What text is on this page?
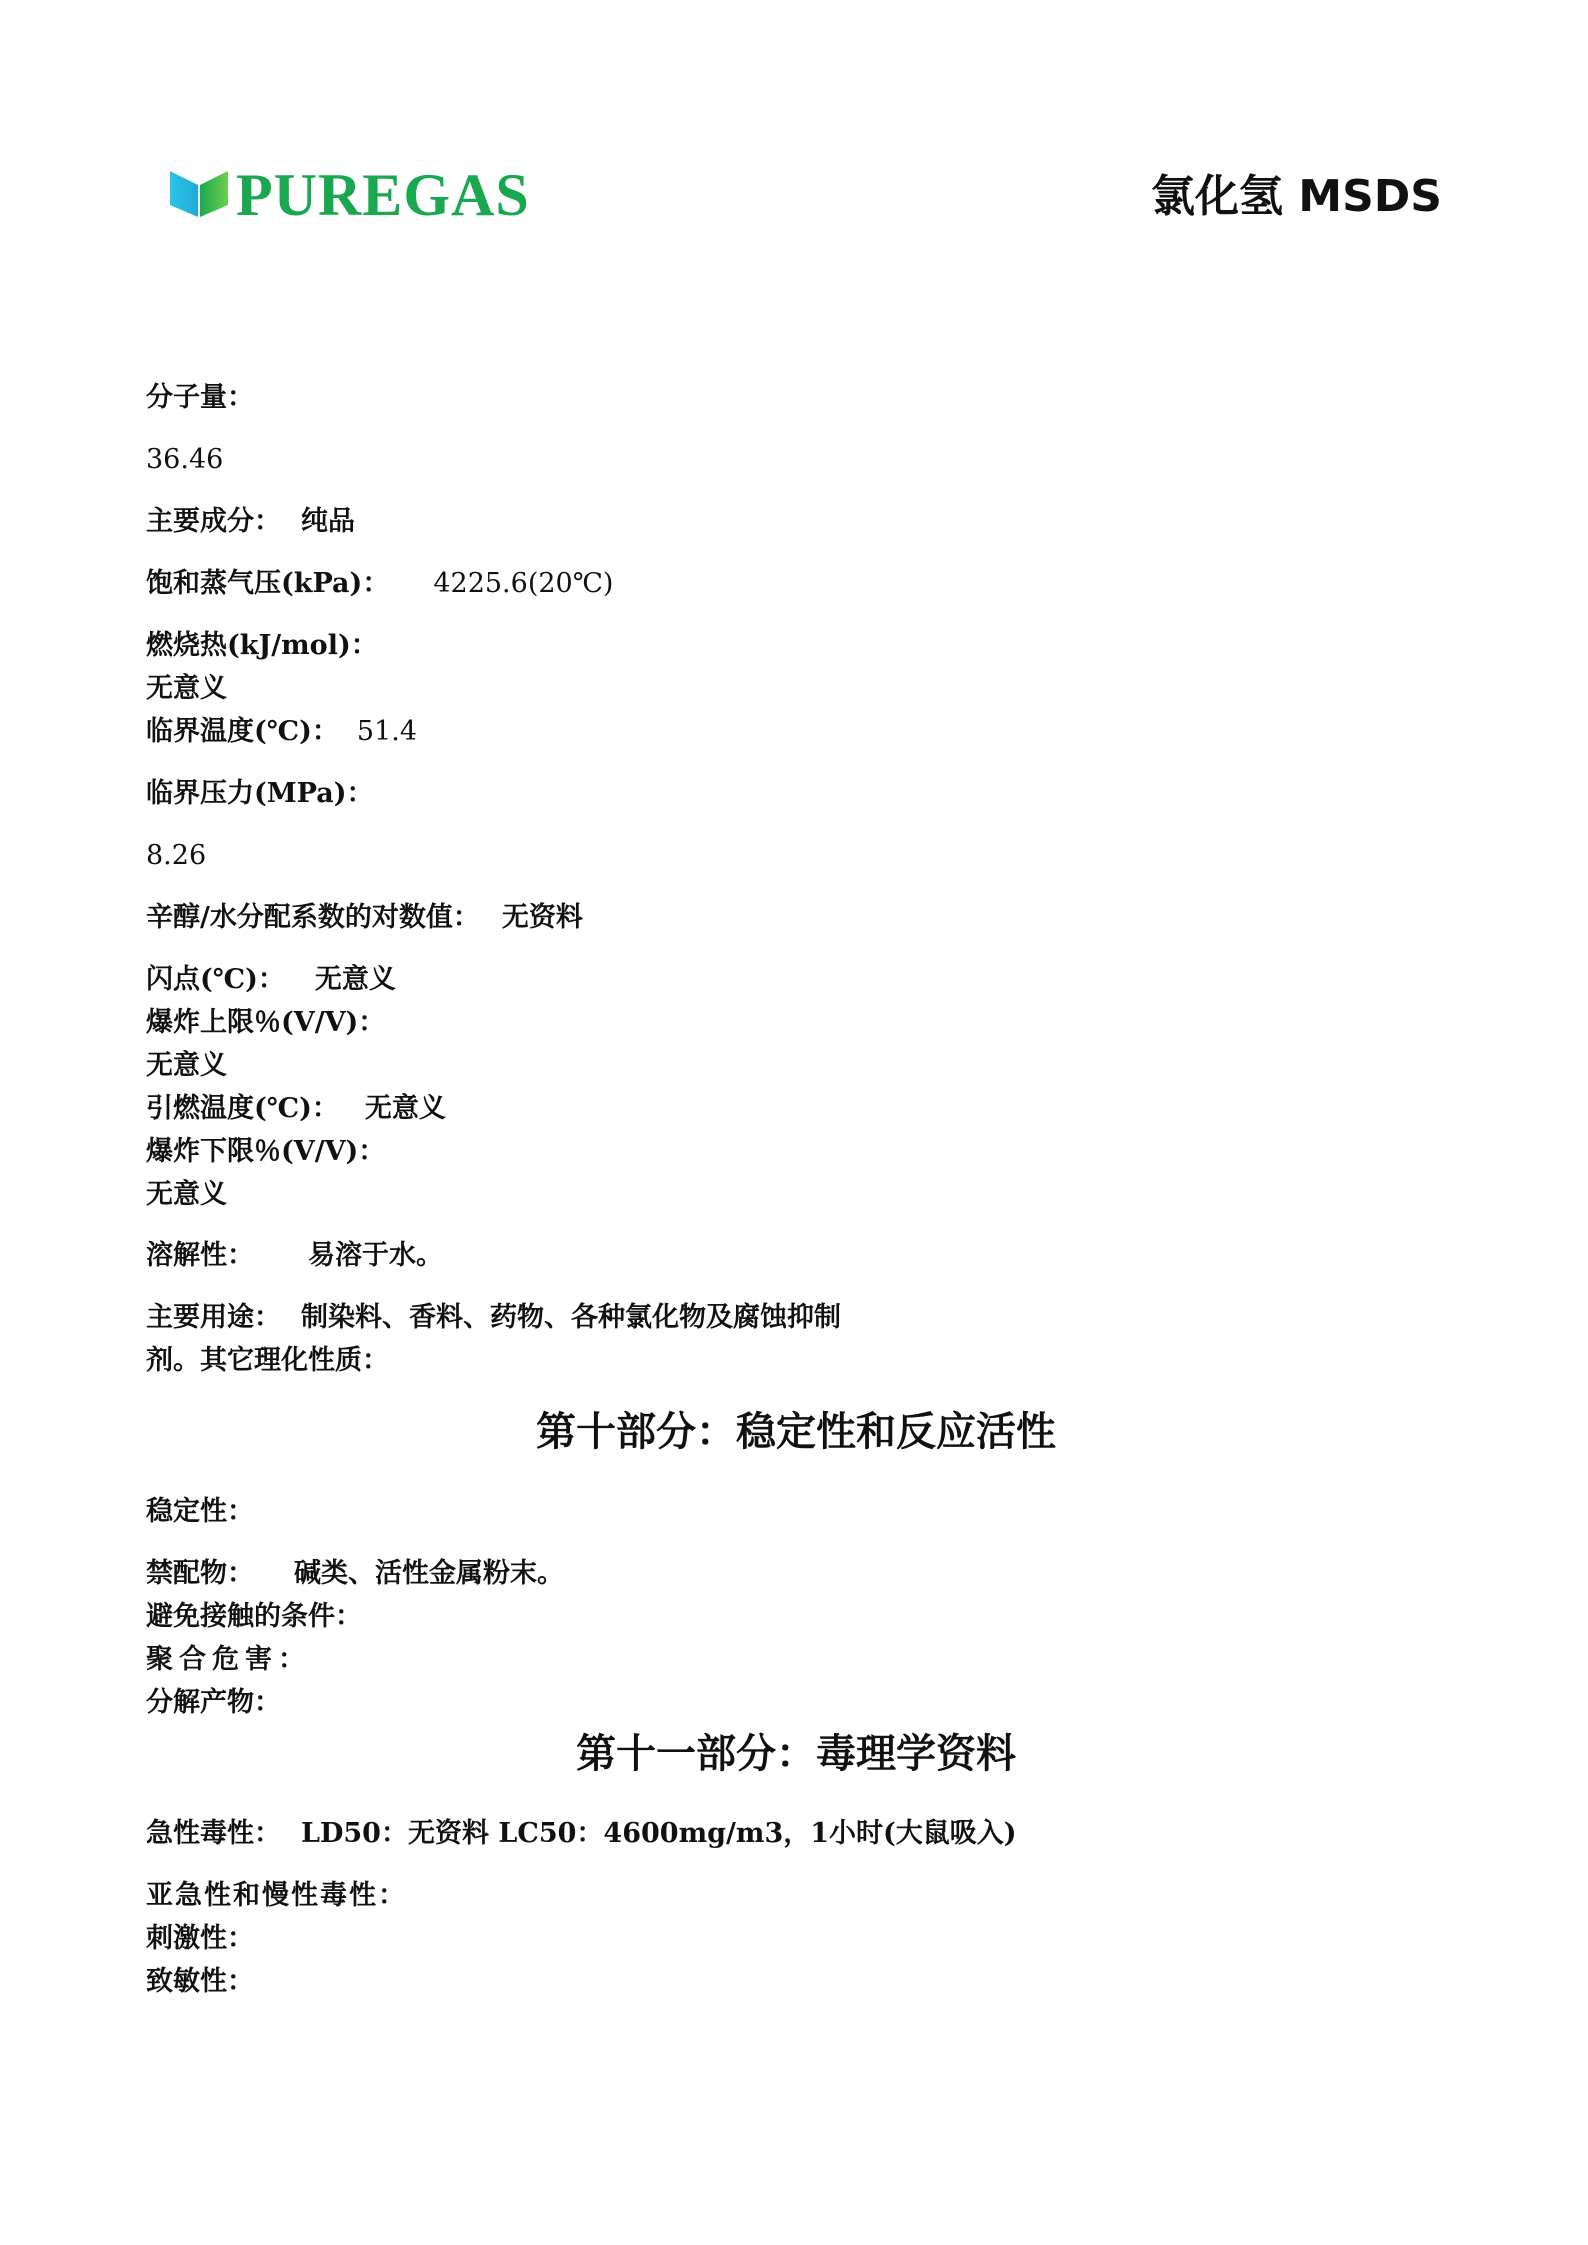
PUREGAS	氯化氢 MSDS
分子量：
36.46
主要成分： 纯品
饱和蒸气压(kPa)： 4225.6(20℃)
燃烧热(kJ/mol)：
无意义
临界温度(℃)： 51.4
临界压力(MPa)：
8.26
辛醇/水分配系数的对数值： 无资料
闪点(℃)： 无意义
爆炸上限％(V/V)：
无意义
引燃温度(℃)： 无意义
爆炸下限％(V/V)：
无意义
溶解性： 易溶于水。
主要用途： 制染料、香料、药物、各种氯化物及腐蚀抑制
剂。其它理化性质：
第十部分：稳定性和反应活性
稳定性：
禁配物： 碱类、活性金属粉末。
避免接触的条件：
聚合危害：
分解产物：
第十一部分：毒理学资料
急性毒性： LD50：无资料 LC50：4600mg/m3，1小时(大鼠吸入)
亚急性和慢性毒性：
刺激性：
致敏性：
